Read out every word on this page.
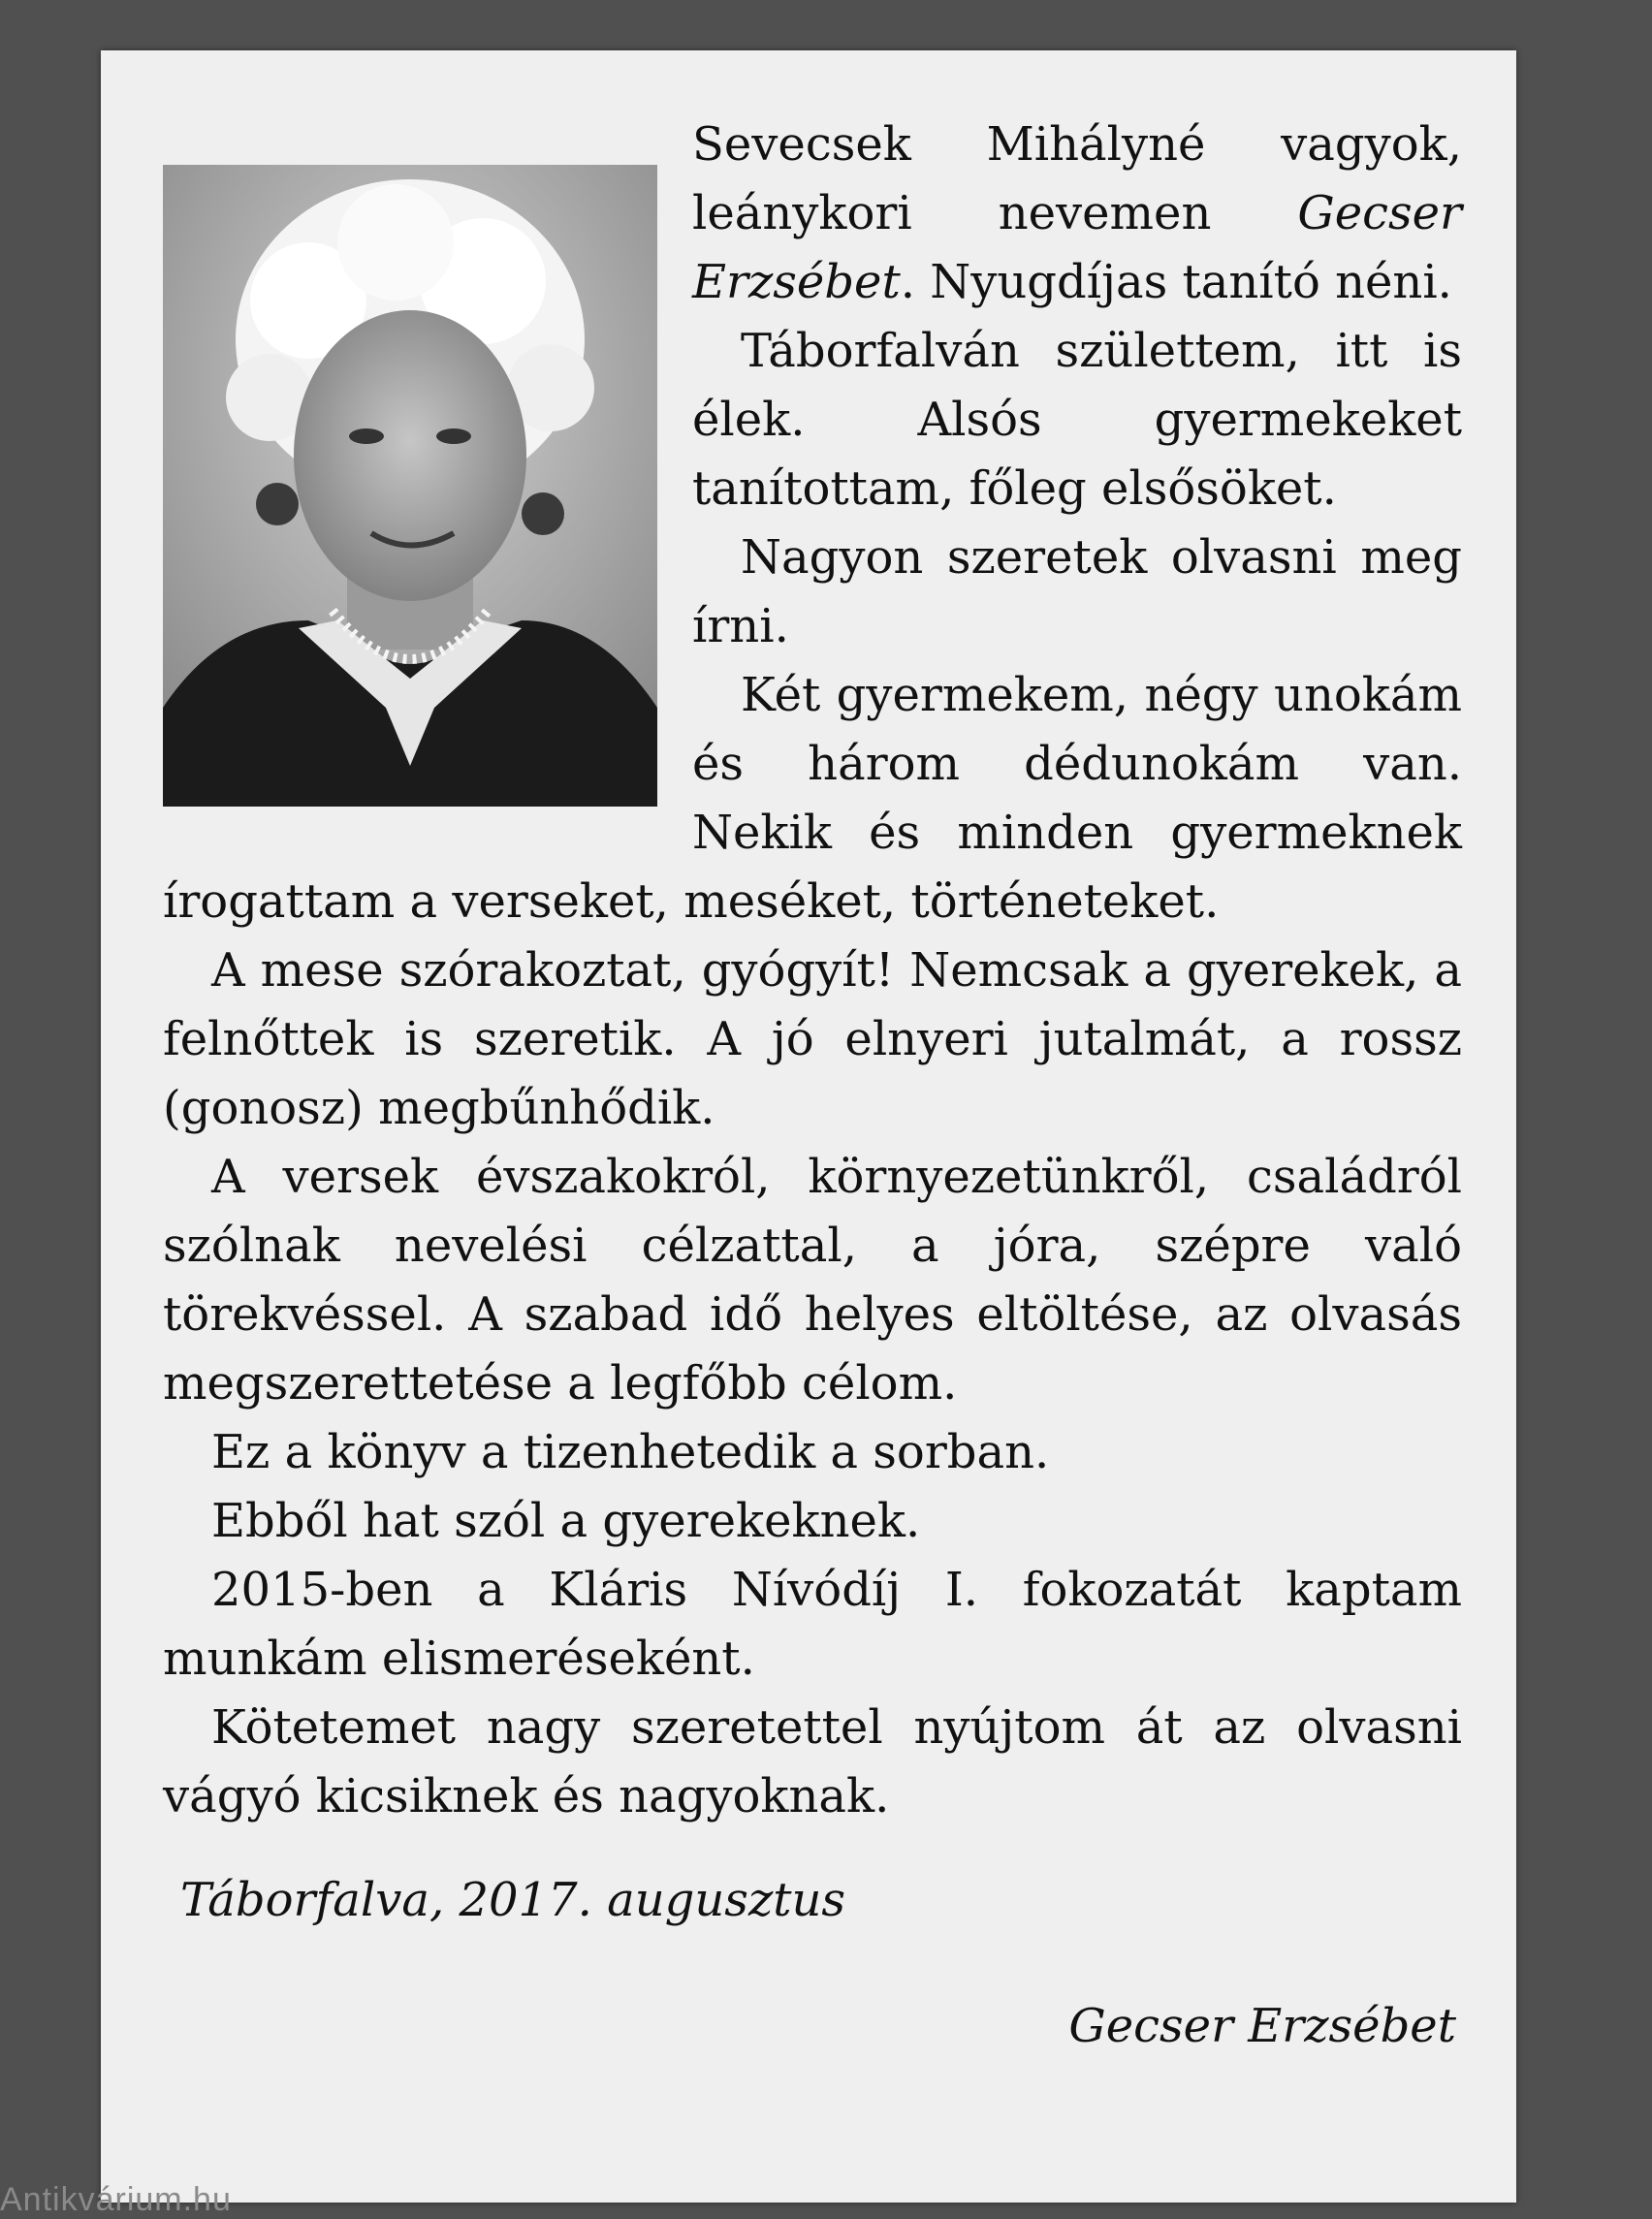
Sevecsek Mihályné vagyok, leánykori nevemen Gecser Erzsébet. Nyugdíjas tanító néni.

Táborfalván születtem, itt is élek. Alsós gyermekeket tanítottam, főleg elsősöket.

Nagyon szeretek olvasni meg írni.

Két gyermekem, négy unokám és három dédunokám van. Nekik és minden gyermeknek írogattam a verseket, meséket, történeteket.

A mese szórakoztat, gyógyít! Nemcsak a gyerekek, a felnőttek is szeretik. A jó elnyeri jutalmát, a rossz (gonosz) megbűnhődik.

A versek évszakokról, környezetünkről, családról szólnak nevelési célzattal, a jóra, szépre való törekvéssel. A szabad idő helyes eltöltése, az olvasás megszerettetése a legfőbb célom.

Ez a könyv a tizenhetedik a sorban.

Ebből hat szól a gyerekeknek.

2015-ben a Kláris Nívódíj I. fokozatát kaptam munkám elismeréseként.

Kötetemet nagy szeretettel nyújtom át az olvasni vágyó kicsiknek és nagyoknak.

Táborfalva, 2017. augusztus
Gecser Erzsébet
Antikvárium.hu
